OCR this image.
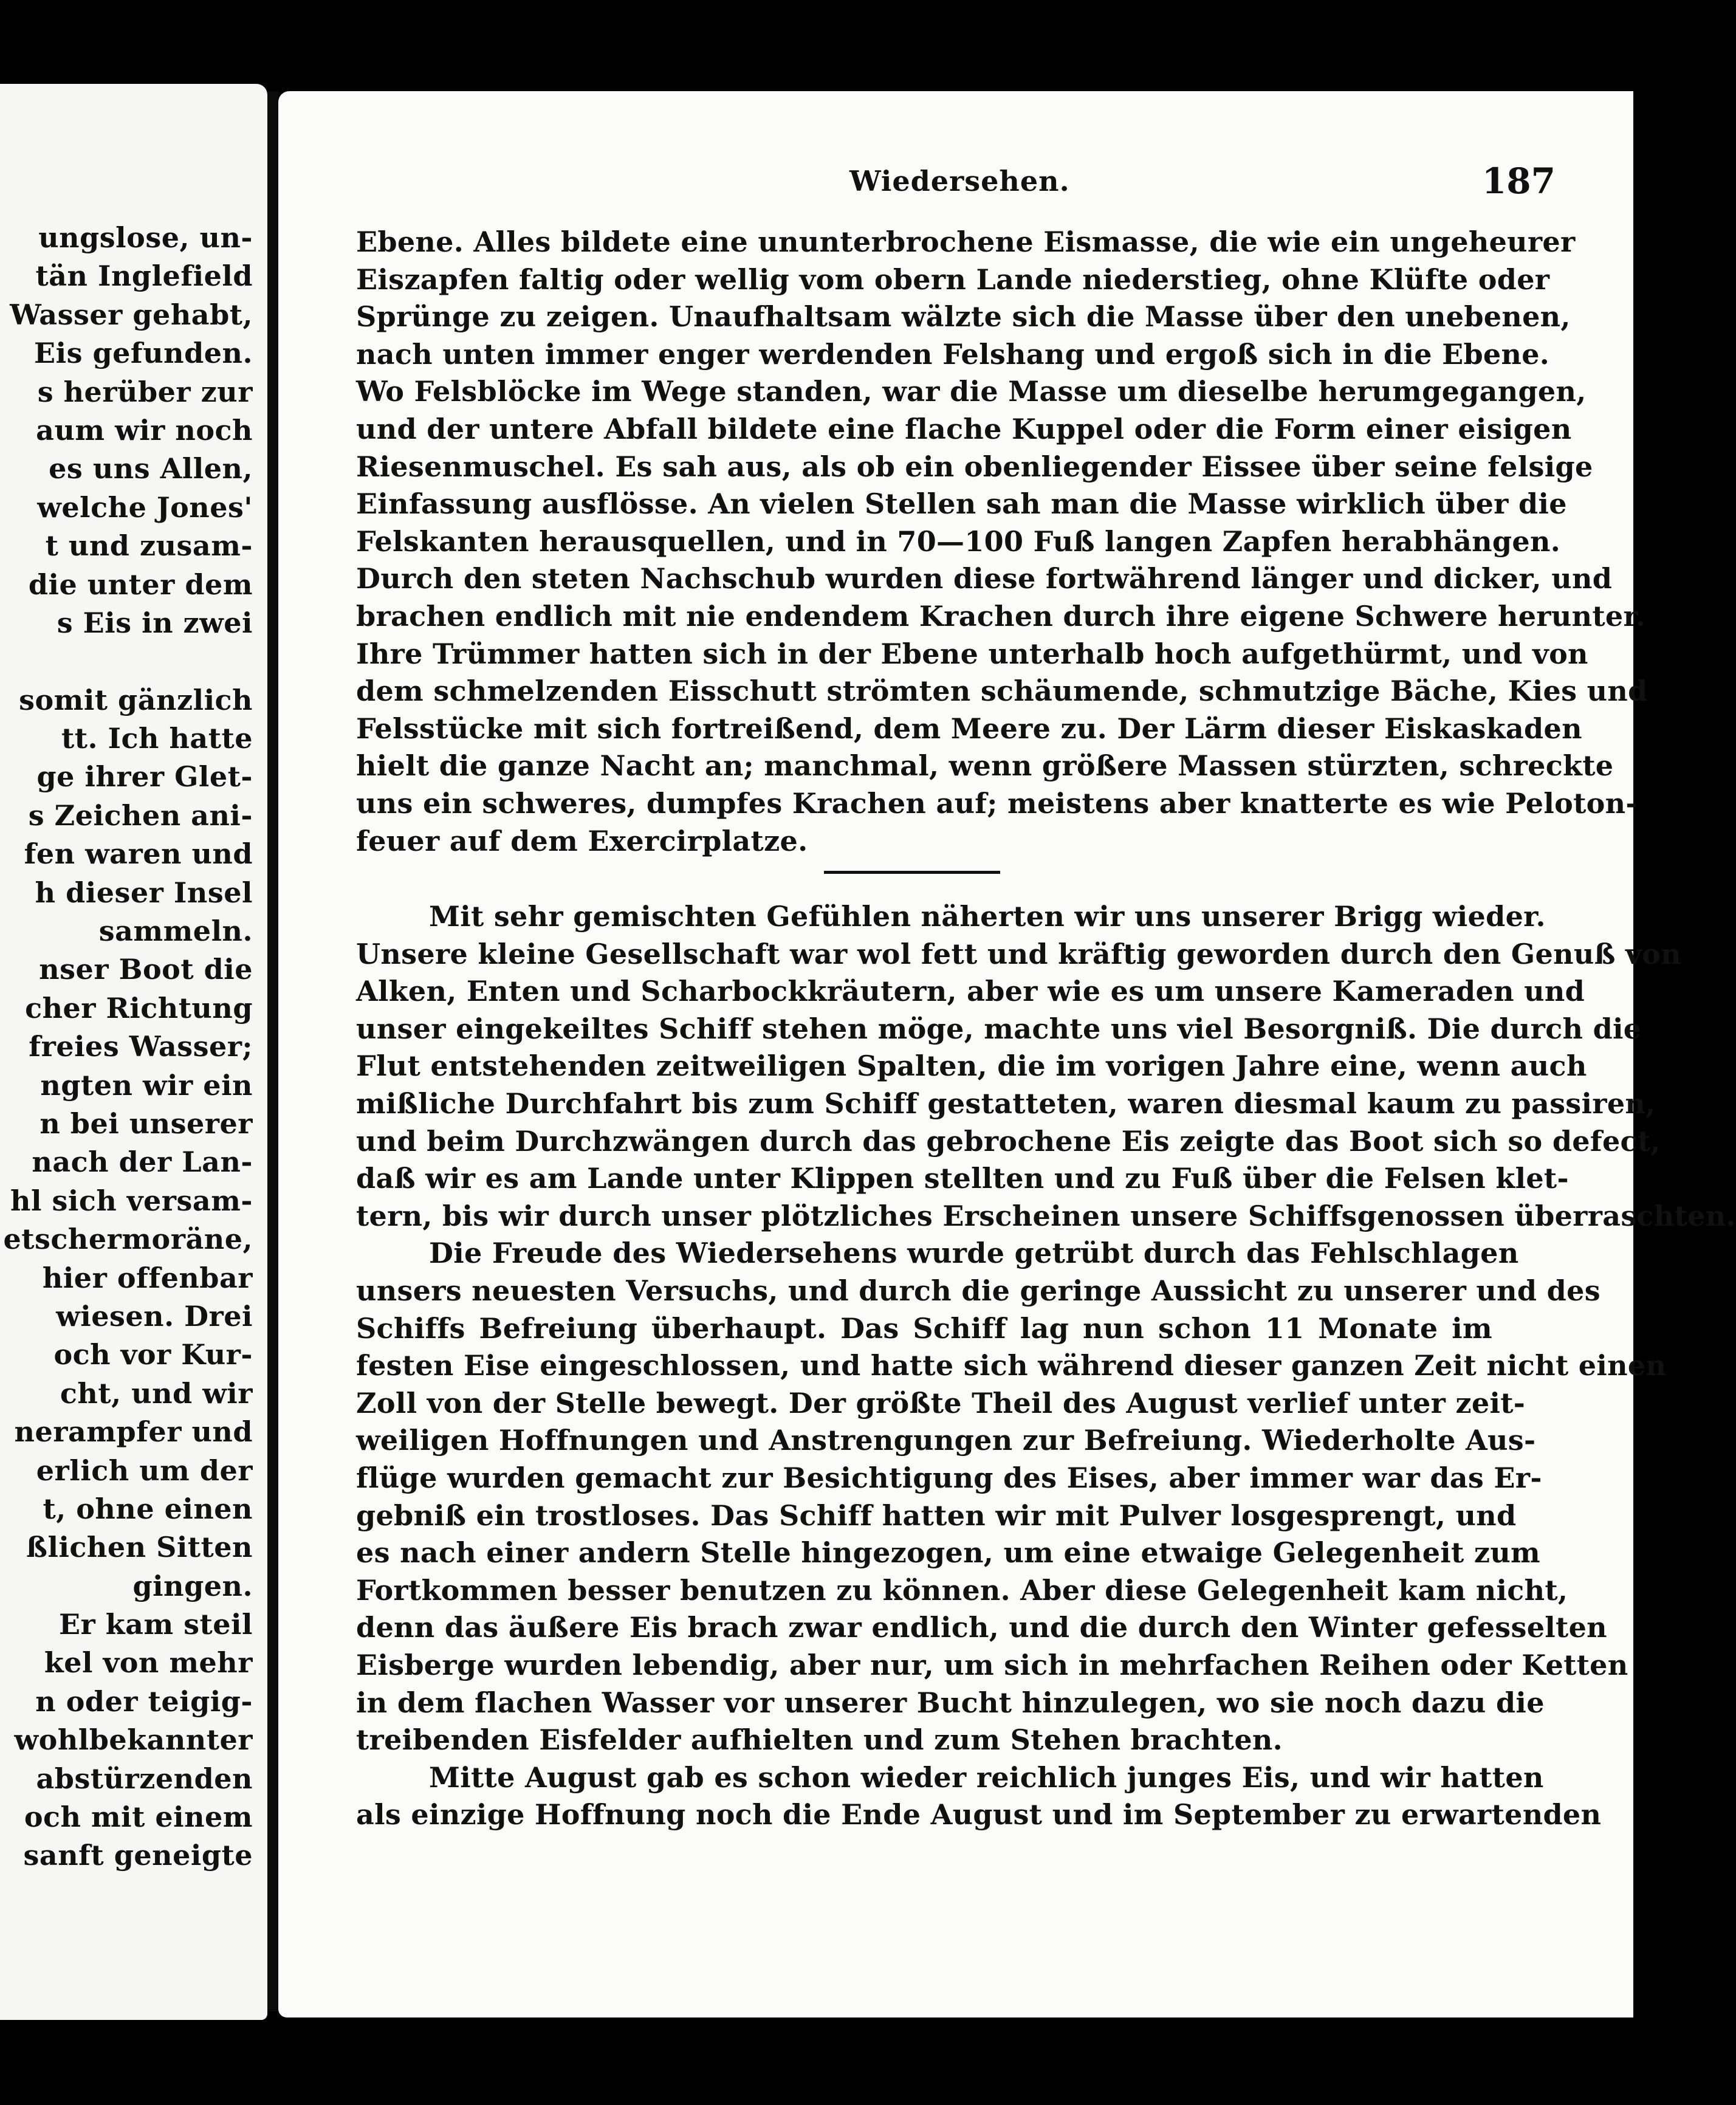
ungslose, un-
tän Inglefield
Wasser gehabt,
Eis gefunden.
s herüber zur
aum wir noch
es uns Allen,
welche Jones'
t und zusam-
die unter dem
s Eis in zwei
somit gänzlich
tt. Ich hatte
ge ihrer Glet-
s Zeichen ani-
fen waren und
h dieser Insel
sammeln.
nser Boot die
cher Richtung
freies Wasser;
ngten wir ein
n bei unserer
nach der Lan-
hl sich versam-
etschermoräne,
hier offenbar
wiesen. Drei
och vor Kur-
cht, und wir
nerampfer und
erlich um der
t, ohne einen
ßlichen Sitten
gingen.
Er kam steil
kel von mehr
n oder teigig-
wohlbekannter
abstürzenden
och mit einem
sanft geneigte
Wiedersehen.	187
Ebene. Alles bildete eine ununterbrochene Eismasse, die wie ein ungeheurer
Eiszapfen faltig oder wellig vom obern Lande niederstieg, ohne Klüfte oder
Sprünge zu zeigen. Unaufhaltsam wälzte sich die Masse über den unebenen,
nach unten immer enger werdenden Felshang und ergoß sich in die Ebene.
Wo Felsblöcke im Wege standen, war die Masse um dieselbe herumgegangen,
und der untere Abfall bildete eine flache Kuppel oder die Form einer eisigen
Riesenmuschel. Es sah aus, als ob ein obenliegender Eissee über seine felsige
Einfassung ausflösse. An vielen Stellen sah man die Masse wirklich über die
Felskanten herausquellen, und in 70—100 Fuß langen Zapfen herabhängen.
Durch den steten Nachschub wurden diese fortwährend länger und dicker, und
brachen endlich mit nie endendem Krachen durch ihre eigene Schwere herunter.
Ihre Trümmer hatten sich in der Ebene unterhalb hoch aufgethürmt, und von
dem schmelzenden Eisschutt strömten schäumende, schmutzige Bäche, Kies und
Felsstücke mit sich fortreißend, dem Meere zu. Der Lärm dieser Eiskaskaden
hielt die ganze Nacht an; manchmal, wenn größere Massen stürzten, schreckte
uns ein schweres, dumpfes Krachen auf; meistens aber knatterte es wie Peloton-
feuer auf dem Exercirplatze.
Mit sehr gemischten Gefühlen näherten wir uns unserer Brigg wieder.
Unsere kleine Gesellschaft war wol fett und kräftig geworden durch den Genuß von
Alken, Enten und Scharbockkräutern, aber wie es um unsere Kameraden und
unser eingekeiltes Schiff stehen möge, machte uns viel Besorgniß. Die durch die
Flut entstehenden zeitweiligen Spalten, die im vorigen Jahre eine, wenn auch
mißliche Durchfahrt bis zum Schiff gestatteten, waren diesmal kaum zu passiren,
und beim Durchzwängen durch das gebrochene Eis zeigte das Boot sich so defect,
daß wir es am Lande unter Klippen stellten und zu Fuß über die Felsen klet-
tern, bis wir durch unser plötzliches Erscheinen unsere Schiffsgenossen überraschten.
Die Freude des Wiedersehens wurde getrübt durch das Fehlschlagen
unsers neuesten Versuchs, und durch die geringe Aussicht zu unserer und des
Schiffs Befreiung überhaupt. Das Schiff lag nun schon 11 Monate im
festen Eise eingeschlossen, und hatte sich während dieser ganzen Zeit nicht einen
Zoll von der Stelle bewegt. Der größte Theil des August verlief unter zeit-
weiligen Hoffnungen und Anstrengungen zur Befreiung. Wiederholte Aus-
flüge wurden gemacht zur Besichtigung des Eises, aber immer war das Er-
gebniß ein trostloses. Das Schiff hatten wir mit Pulver losgesprengt, und
es nach einer andern Stelle hingezogen, um eine etwaige Gelegenheit zum
Fortkommen besser benutzen zu können. Aber diese Gelegenheit kam nicht,
denn das äußere Eis brach zwar endlich, und die durch den Winter gefesselten
Eisberge wurden lebendig, aber nur, um sich in mehrfachen Reihen oder Ketten
in dem flachen Wasser vor unserer Bucht hinzulegen, wo sie noch dazu die
treibenden Eisfelder aufhielten und zum Stehen brachten.
Mitte August gab es schon wieder reichlich junges Eis, und wir hatten
als einzige Hoffnung noch die Ende August und im September zu erwartenden
